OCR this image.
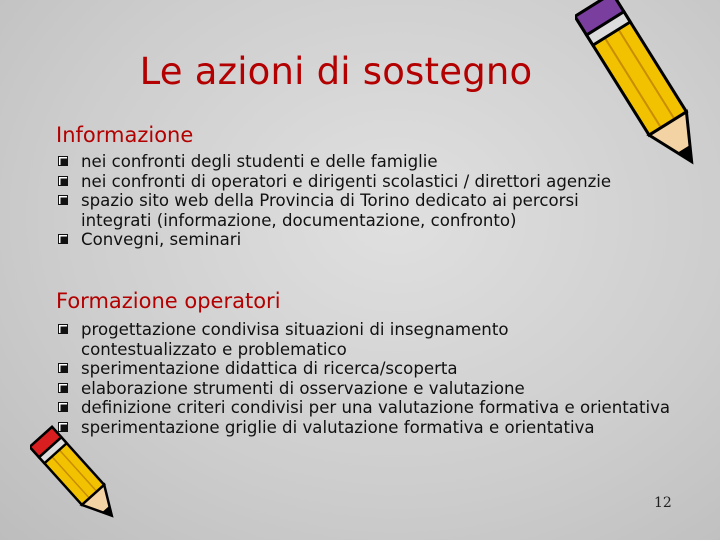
Le azioni di sostegno
Informazione
nei confronti degli studenti e delle famiglie
nei confronti di operatori e dirigenti scolastici / direttori agenzie
spazio sito web della Provincia di Torino dedicato ai percorsi integrati (informazione, documentazione, confronto)
Convegni, seminari
Formazione operatori
progettazione condivisa situazioni di insegnamento contestualizzato e problematico
sperimentazione didattica di ricerca/scoperta
elaborazione strumenti di osservazione e valutazione
definizione criteri condivisi per una valutazione formativa e orientativa
sperimentazione griglie di valutazione formativa e orientativa
12
